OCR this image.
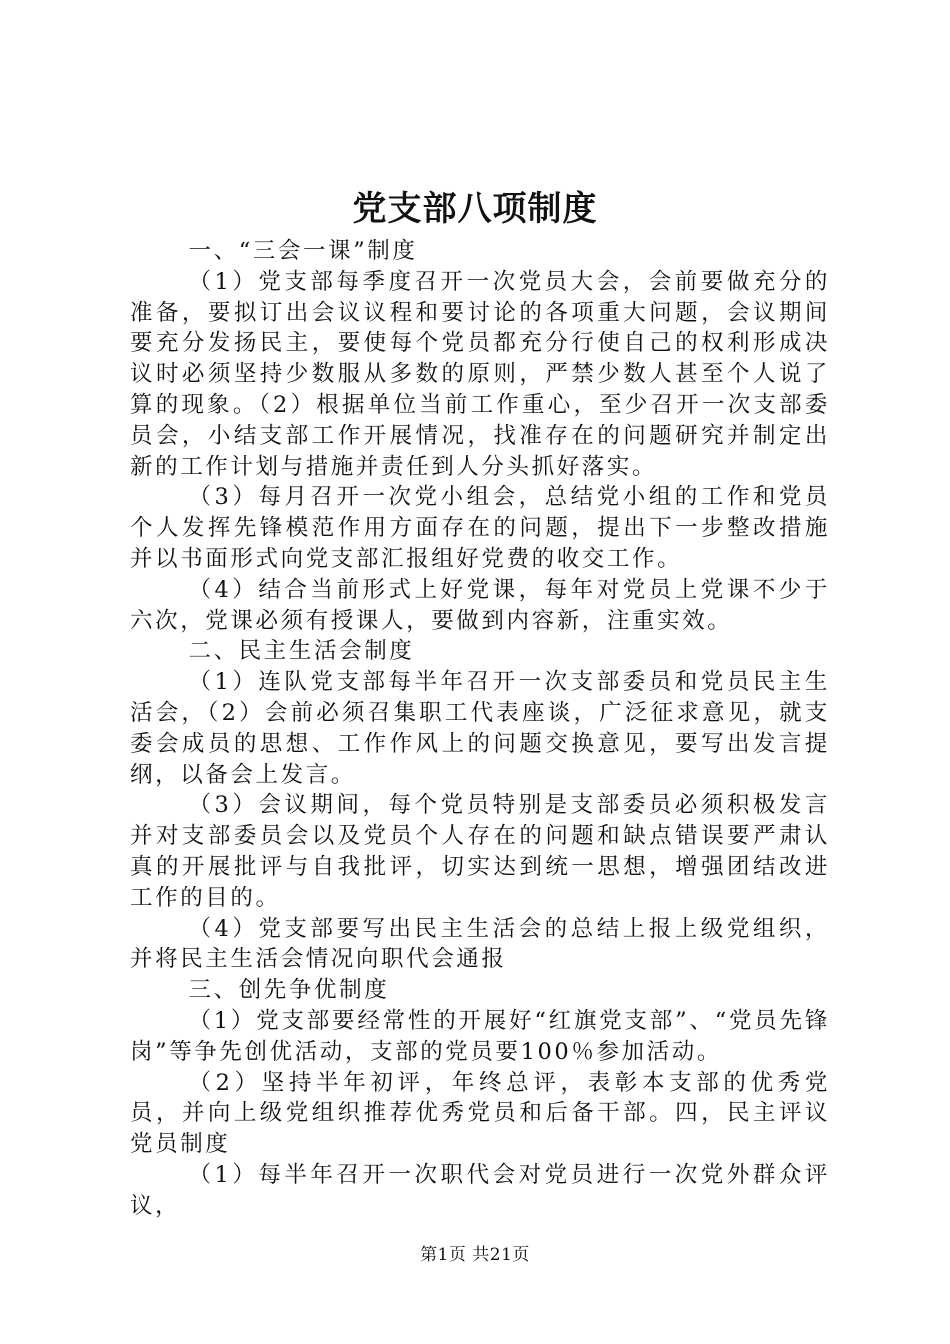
党支部八项制度

一、“三会一课”制度

（1）党支部每季度召开一次党员大会，会前要做充分的准备，要拟订出会议议程和要讨论的各项重大问题，会议期间要充分发扬民主，要使每个党员都充分行使自己的权利形成决议时必须坚持少数服从多数的原则，严禁少数人甚至个人说了算的现象。（2）根据单位当前工作重心，至少召开一次支部委员会，小结支部工作开展情况，找准存在的问题研究并制定出新的工作计划与措施并责任到人分头抓好落实。

（3）每月召开一次党小组会，总结党小组的工作和党员个人发挥先锋模范作用方面存在的问题，提出下一步整改措施并以书面形式向党支部汇报组好党费的收交工作。

（4）结合当前形式上好党课，每年对党员上党课不少于六次，党课必须有授课人，要做到内容新，注重实效。

二、民主生活会制度

（1）连队党支部每半年召开一次支部委员和党员民主生活会，（2）会前必须召集职工代表座谈，广泛征求意见，就支委会成员的思想、工作作风上的问题交换意见，要写出发言提纲，以备会上发言。

（3）会议期间，每个党员特别是支部委员必须积极发言并对支部委员会以及党员个人存在的问题和缺点错误要严肃认真的开展批评与自我批评，切实达到统一思想，增强团结改进工作的目的。

（4）党支部要写出民主生活会的总结上报上级党组织，并将民主生活会情况向职代会通报

三、创先争优制度

（1）党支部要经常性的开展好“红旗党支部”、“党员先锋岗”等争先创优活动，支部的党员要100％参加活动。

（2）坚持半年初评，年终总评，表彰本支部的优秀党员，并向上级党组织推荐优秀党员和后备干部。四，民主评议党员制度

（1）每半年召开一次职代会对党员进行一次党外群众评议，

第1页 共21页
